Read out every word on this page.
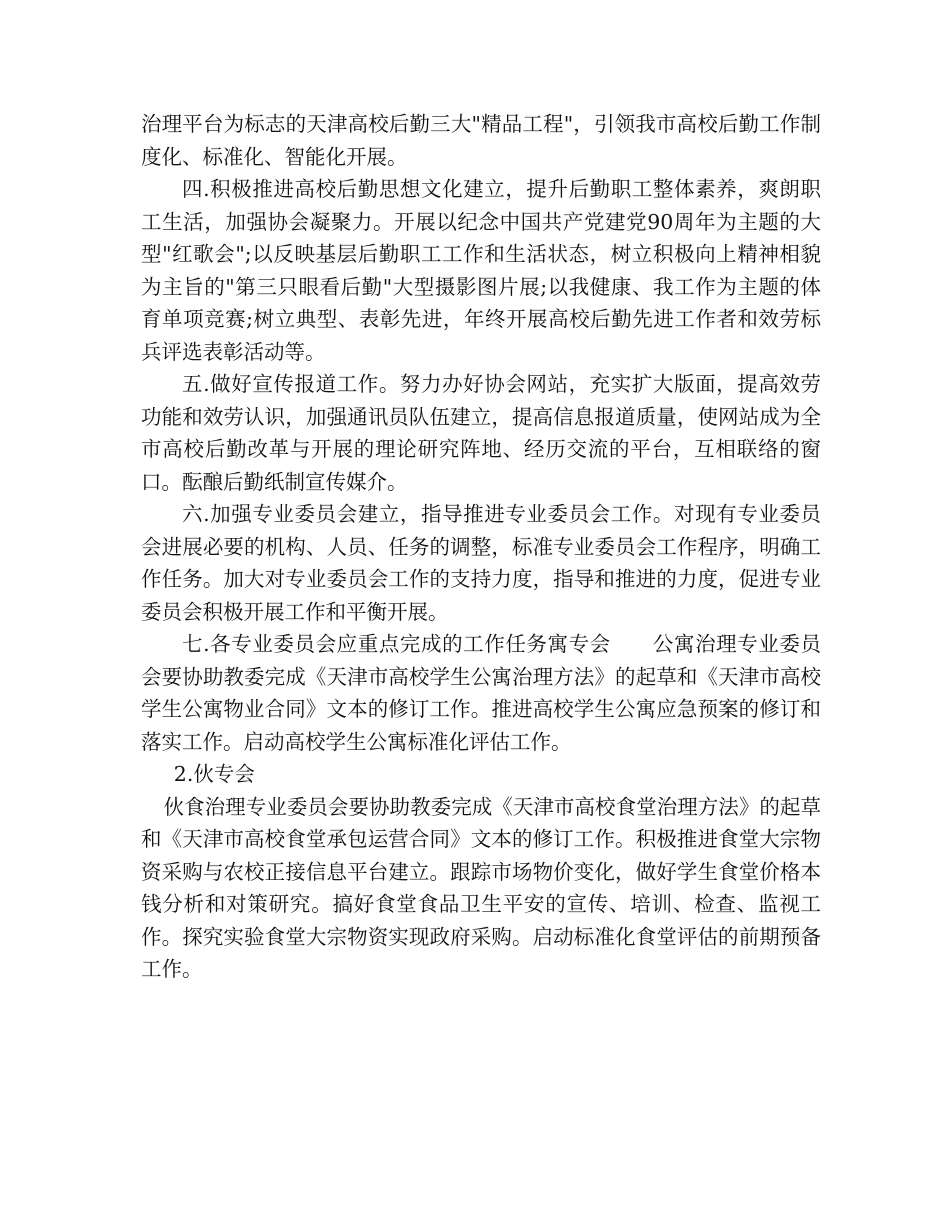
治理平台为标志的天津高校后勤三大"精品工程"，引领我市高校后勤工作制度化、标准化、智能化开展。

四.积极推进高校后勤思想文化建立，提升后勤职工整体素养，爽朗职工生活，加强协会凝聚力。开展以纪念中国共产党建党90周年为主题的大型"红歌会";以反映基层后勤职工工作和生活状态，树立积极向上精神相貌为主旨的"第三只眼看后勤"大型摄影图片展;以我健康、我工作为主题的体育单项竞赛;树立典型、表彰先进，年终开展高校后勤先进工作者和效劳标兵评选表彰活动等。

五.做好宣传报道工作。努力办好协会网站，充实扩大版面，提高效劳功能和效劳认识，加强通讯员队伍建立，提高信息报道质量，使网站成为全市高校后勤改革与开展的理论研究阵地、经历交流的平台，互相联络的窗口。酝酿后勤纸制宣传媒介。

六.加强专业委员会建立，指导推进专业委员会工作。对现有专业委员会进展必要的机构、人员、任务的调整，标准专业委员会工作程序，明确工作任务。加大对专业委员会工作的支持力度，指导和推进的力度，促进专业委员会积极开展工作和平衡开展。

七.各专业委员会应重点完成的工作任务寓专会　　公寓治理专业委员会要协助教委完成《天津市高校学生公寓治理方法》的起草和《天津市高校学生公寓物业合同》文本的修订工作。推进高校学生公寓应急预案的修订和落实工作。启动高校学生公寓标准化评估工作。

2.伙专会

伙食治理专业委员会要协助教委完成《天津市高校食堂治理方法》的起草和《天津市高校食堂承包运营合同》文本的修订工作。积极推进食堂大宗物资采购与农校正接信息平台建立。跟踪市场物价变化，做好学生食堂价格本钱分析和对策研究。搞好食堂食品卫生平安的宣传、培训、检查、监视工作。探究实验食堂大宗物资实现政府采购。启动标准化食堂评估的前期预备工作。
